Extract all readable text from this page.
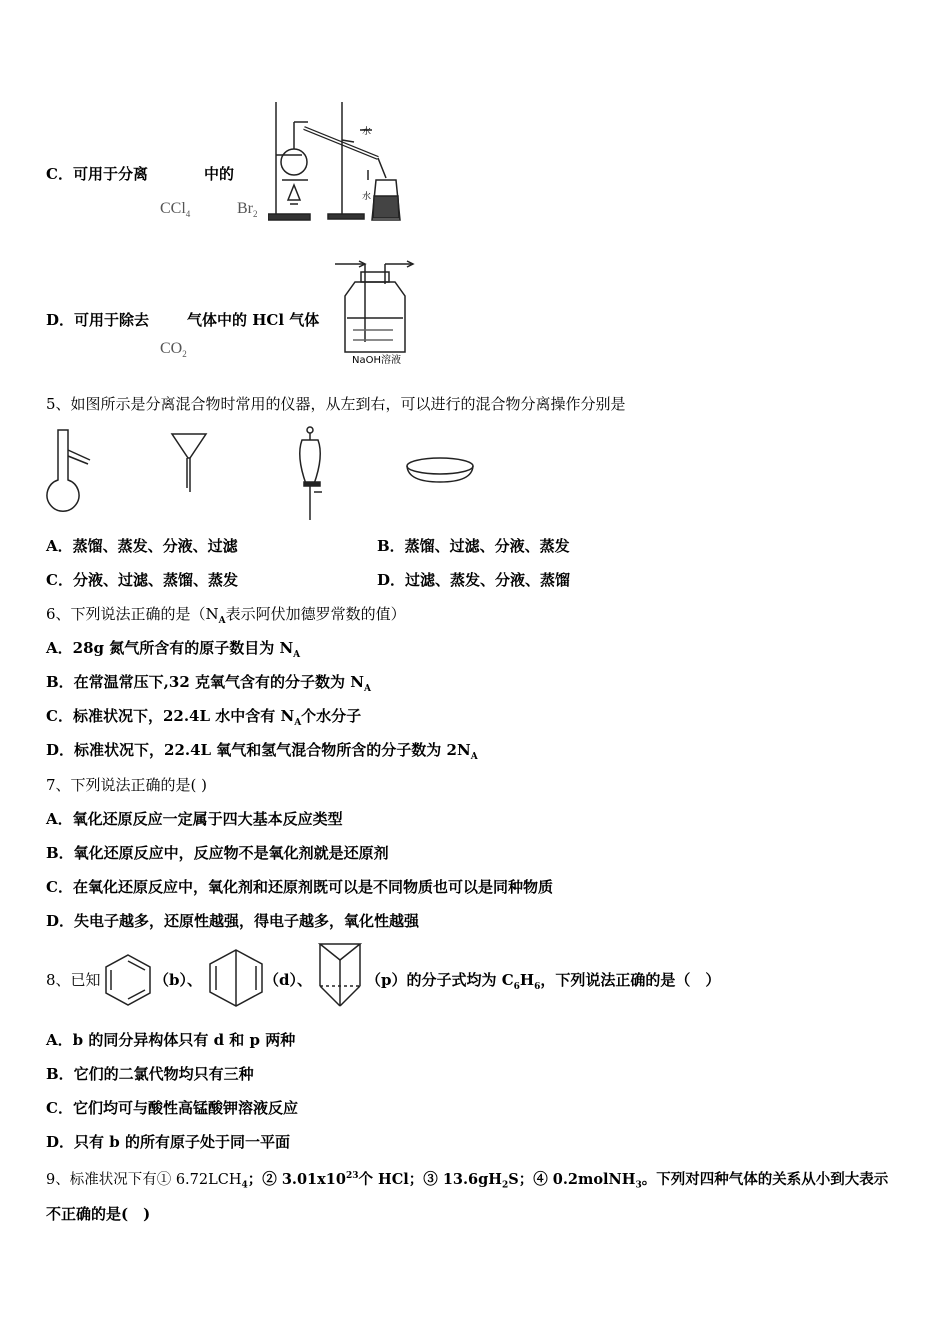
C．可用于分离	中的
CCl$_4$	$Br_2$
水
水
D．可用于除去	气体中的 HCl 气体
$CO_2$
NaOH溶液
5、如图所示是分离混合物时常用的仪器，从左到右，可以进行的混合物分离操作分别是
A．蒸馏、蒸发、分液、过滤	B．蒸馏、过滤、分液、蒸发
C．分液、过滤、蒸馏、蒸发	D．过滤、蒸发、分液、蒸馏
6、下列说法正确的是（$N_A$表示阿伏加德罗常数的值）
A．28g 氮气所含有的原子数目为 $N_A$
B．在常温常压下,32 克氧气含有的分子数为 $N_A$
C．标准状况下，22.4L 水中含有 $N_A$个水分子
D．标准状况下，22.4L 氧气和氢气混合物所含的分子数为 $2N_A$
7、下列说法正确的是( )
A．氧化还原反应一定属于四大基本反应类型
B．氧化还原反应中，反应物不是氧化剂就是还原剂
C．在氧化还原反应中，氧化剂和还原剂既可以是不同物质也可以是同种物质
D．失电子越多，还原性越强，得电子越多，氧化性越强
8、已知	（b）、	（d）、	（p）的分子式均为 $C_6H_6$，下列说法正确的是（　）
A．b 的同分异构体只有 d 和 p 两种
B．它们的二氯代物均只有三种
C．它们均可与酸性高锰酸钾溶液反应
D．只有 b 的所有原子处于同一平面
9、标准状况下有① $6.72LCH_4$；② $3.01x10^{23}$个 HCl；③ $13.6gH_2S$；④ 0.2molNH$_3$。下列对四种气体的关系从小到大表示
不正确的是(　)
